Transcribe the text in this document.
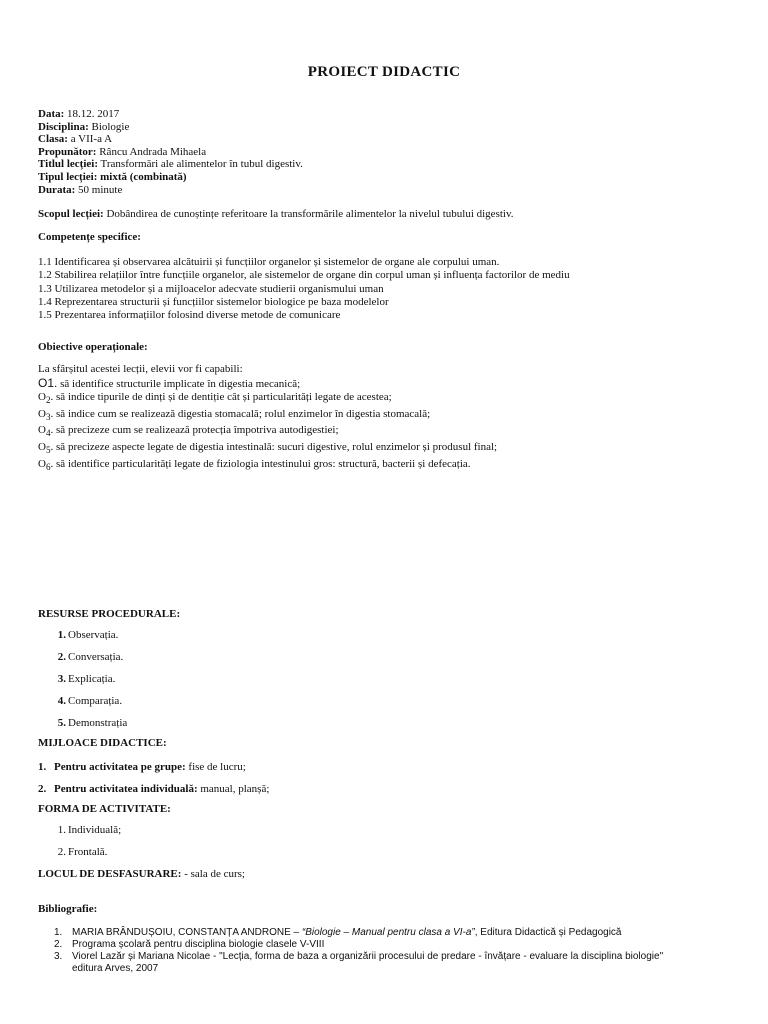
PROIECT DIDACTIC
Data: 18.12. 2017
Disciplina: Biologie
Clasa: a VII-a A
Propunător: Râncu Andrada Mihaela
Titlul lecției: Transformări ale alimentelor în tubul digestiv.
Tipul lecției: mixtă (combinată)
Durata: 50 minute
Scopul lecției: Dobândirea de cunoștințe referitoare la transformările alimentelor la nivelul tubului digestiv.
Competențe specifice:
1.1 Identificarea și observarea alcătuirii și funcțiilor organelor și sistemelor de organe ale corpului uman.
1.2 Stabilirea relațiilor între funcțiile organelor, ale sistemelor de organe din corpul uman și influența factorilor de mediu
1.3 Utilizarea metodelor și a mijloacelor adecvate studierii organismului uman
1.4 Reprezentarea structurii și funcțiilor sistemelor biologice pe baza modelelor
1.5 Prezentarea informațiilor folosind diverse metode de comunicare
Obiective operaționale:
La sfârșitul acestei lecții, elevii vor fi capabili:
O1. să identifice structurile implicate în digestia mecanică;
$O_2$. să indice tipurile de dinți și de dentiție cât și particularități legate de acestea;
$O_3$. să indice cum se realizează digestia stomacală; rolul enzimelor în digestia stomacală;
$O_4$. să precizeze cum se realizează protecția împotriva autodigestiei;
$O_5$. să precizeze aspecte legate de digestia intestinală: sucuri digestive, rolul enzimelor și produsul final;
$O_6$. să identifice particularități legate de fiziologia intestinului gros: structură, bacterii și defecația.
RESURSE PROCEDURALE:
1. Observația.
2. Conversația.
3. Explicația.
4. Comparația.
5. Demonstrația
MIJLOACE DIDACTICE:
1. Pentru activitatea pe grupe: fise de lucru;
2. Pentru activitatea individuală: manual, planșă;
FORMA DE ACTIVITATE:
1. Individuală;
2. Frontală.
LOCUL DE DESFASURARE: - sala de curs;
Bibliografie:
1. MARIA BRÂNDUȘOIU, CONSTANȚA ANDRONE – “Biologie – Manual pentru clasa a VI-a”, Editura Didactică și Pedagogică
2. Programa școlară pentru disciplina biologie clasele V-VIII
3. Viorel Lazăr și Mariana Nicolae - "Lecția, forma de baza a organizării procesului de predare - învățare - evaluare la disciplina biologie"
editura Arves, 2007
